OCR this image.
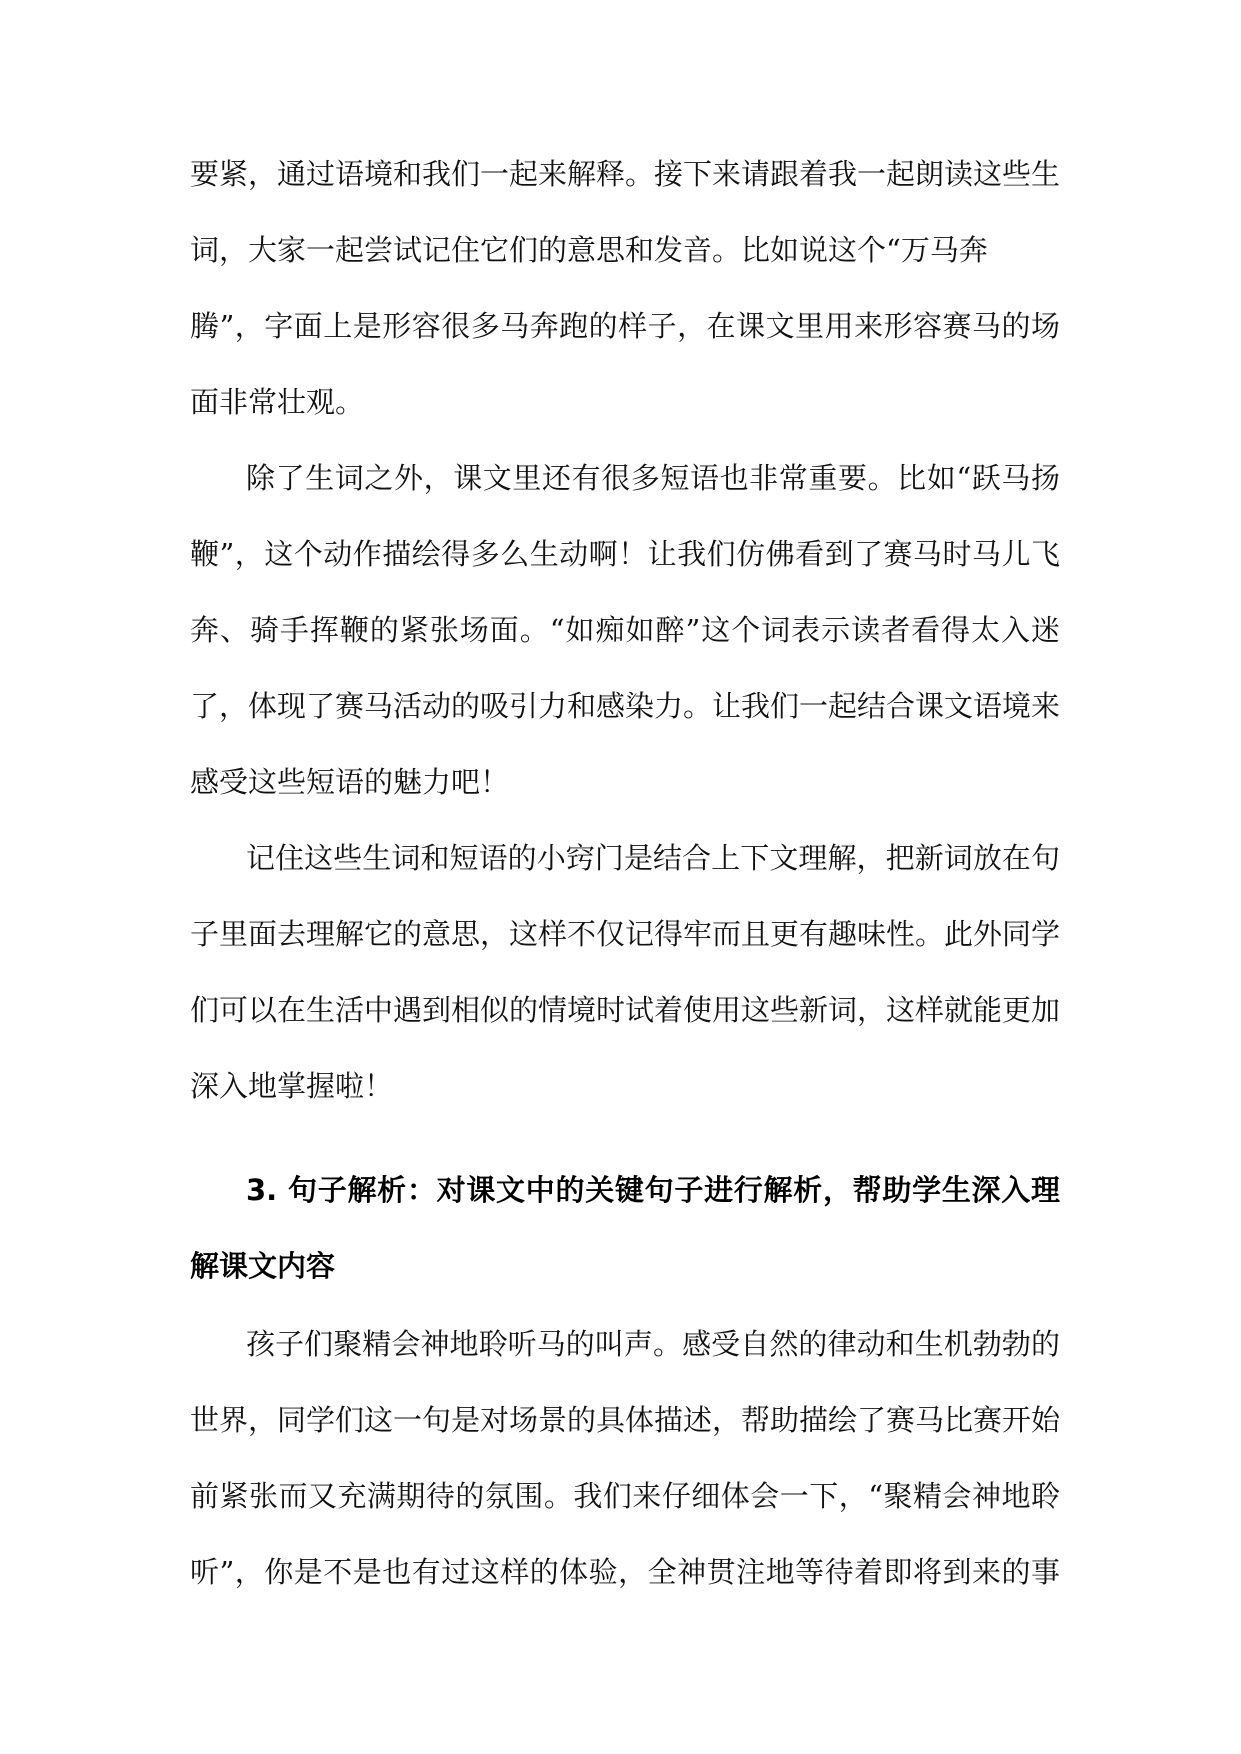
要紧，通过语境和我们一起来解释。接下来请跟着我一起朗读这些生
词，大家一起尝试记住它们的意思和发音。比如说这个“万马奔
腾”，字面上是形容很多马奔跑的样子，在课文里用来形容赛马的场
面非常壮观。
除了生词之外，课文里还有很多短语也非常重要。比如“跃马扬
鞭”，这个动作描绘得多么生动啊！让我们仿佛看到了赛马时马儿飞
奔、骑手挥鞭的紧张场面。“如痴如醉”这个词表示读者看得太入迷
了，体现了赛马活动的吸引力和感染力。让我们一起结合课文语境来
感受这些短语的魅力吧！
记住这些生词和短语的小窍门是结合上下文理解，把新词放在句
子里面去理解它的意思，这样不仅记得牢而且更有趣味性。此外同学
们可以在生活中遇到相似的情境时试着使用这些新词，这样就能更加
深入地掌握啦！
3. 句子解析：对课文中的关键句子进行解析，帮助学生深入理
解课文内容
孩子们聚精会神地聆听马的叫声。感受自然的律动和生机勃勃的
世界，同学们这一句是对场景的具体描述，帮助描绘了赛马比赛开始
前紧张而又充满期待的氛围。我们来仔细体会一下，“聚精会神地聆
听”，你是不是也有过这样的体验，全神贯注地等待着即将到来的事
